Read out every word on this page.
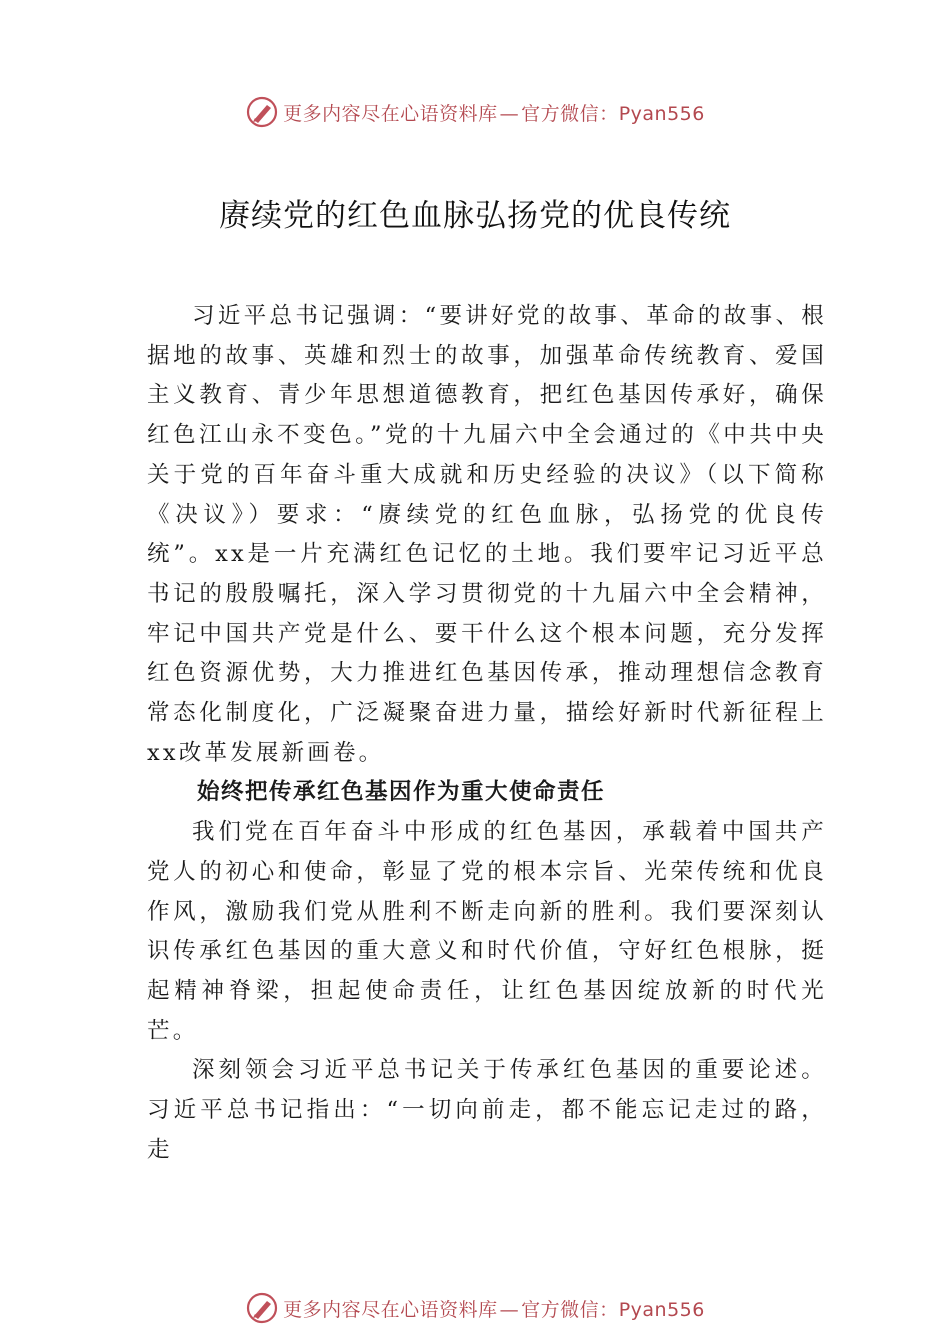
更多内容尽在心语资料库 — 官方微信：Pyan556
赓续党的红色血脉弘扬党的优良传统

习近平总书记强调：“要讲好党的故事、革命的故事、根据地的故事、英雄和烈士的故事，加强革命传统教育、爱国主义教育、青少年思想道德教育，把红色基因传承好，确保红色江山永不变色。”党的十九届六中全会通过的《中共中央关于党的百年奋斗重大成就和历史经验的决议》（以下简称《决议》）要求：“赓续党的红色血脉，弘扬党的优良传统”。xx是一片充满红色记忆的土地。我们要牢记习近平总书记的殷殷嘱托，深入学习贯彻党的十九届六中全会精神，牢记中国共产党是什么、要干什么这个根本问题，充分发挥红色资源优势，大力推进红色基因传承，推动理想信念教育常态化制度化，广泛凝聚奋进力量，描绘好新时代新征程上 xx改革发展新画卷。

始终把传承红色基因作为重大使命责任

我们党在百年奋斗中形成的红色基因，承载着中国共产党人的初心和使命，彰显了党的根本宗旨、光荣传统和优良作风，激励我们党从胜利不断走向新的胜利。我们要深刻认识传承红色基因的重大意义和时代价值，守好红色根脉，挺起精神脊梁，担起使命责任，让红色基因绽放新的时代光芒。

深刻领会习近平总书记关于传承红色基因的重要论述。习近平总书记指出：“一切向前走，都不能忘记走过的路，走

更多内容尽在心语资料库 — 官方微信：Pyan556
